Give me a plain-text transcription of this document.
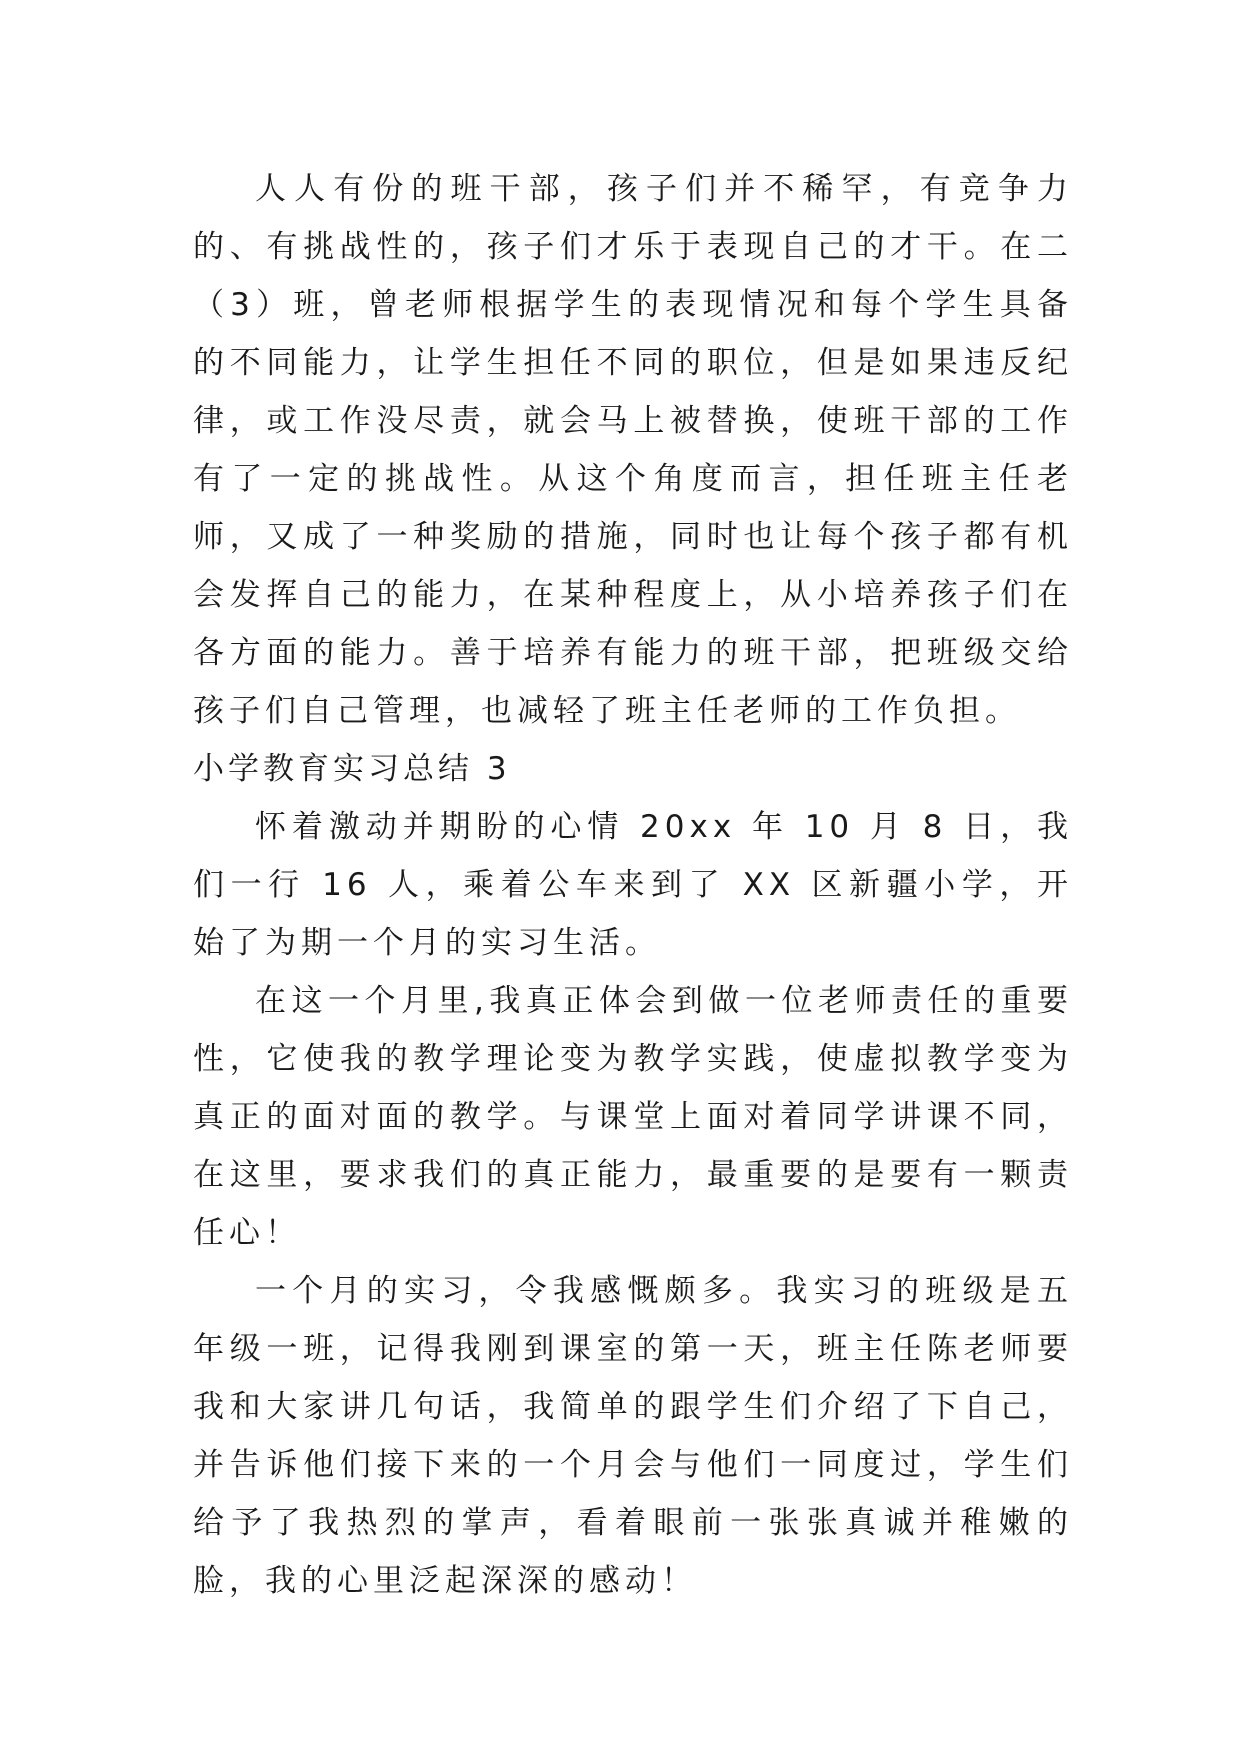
人人有份的班干部，孩子们并不稀罕，有竞争力的、有挑战性的，孩子们才乐于表现自己的才干。在二（3）班，曾老师根据学生的表现情况和每个学生具备的不同能力，让学生担任不同的职位，但是如果违反纪律，或工作没尽责，就会马上被替换，使班干部的工作有了一定的挑战性。从这个角度而言，担任班主任老师，又成了一种奖励的措施，同时也让每个孩子都有机会发挥自己的能力，在某种程度上，从小培养孩子们在各方面的能力。善于培养有能力的班干部，把班级交给孩子们自己管理，也减轻了班主任老师的工作负担。

小学教育实习总结 3

怀着激动并期盼的心情 20xx 年 10 月 8 日，我们一行 16 人，乘着公车来到了 XX 区新疆小学，开始了为期一个月的实习生活。

在这一个月里,我真正体会到做一位老师责任的重要性，它使我的教学理论变为教学实践，使虚拟教学变为真正的面对面的教学。与课堂上面对着同学讲课不同，在这里，要求我们的真正能力，最重要的是要有一颗责任心！

一个月的实习，令我感慨颇多。我实习的班级是五年级一班，记得我刚到课室的第一天，班主任陈老师要我和大家讲几句话，我简单的跟学生们介绍了下自己，并告诉他们接下来的一个月会与他们一同度过，学生们给予了我热烈的掌声，看着眼前一张张真诚并稚嫩的脸，我的心里泛起深深的感动！
